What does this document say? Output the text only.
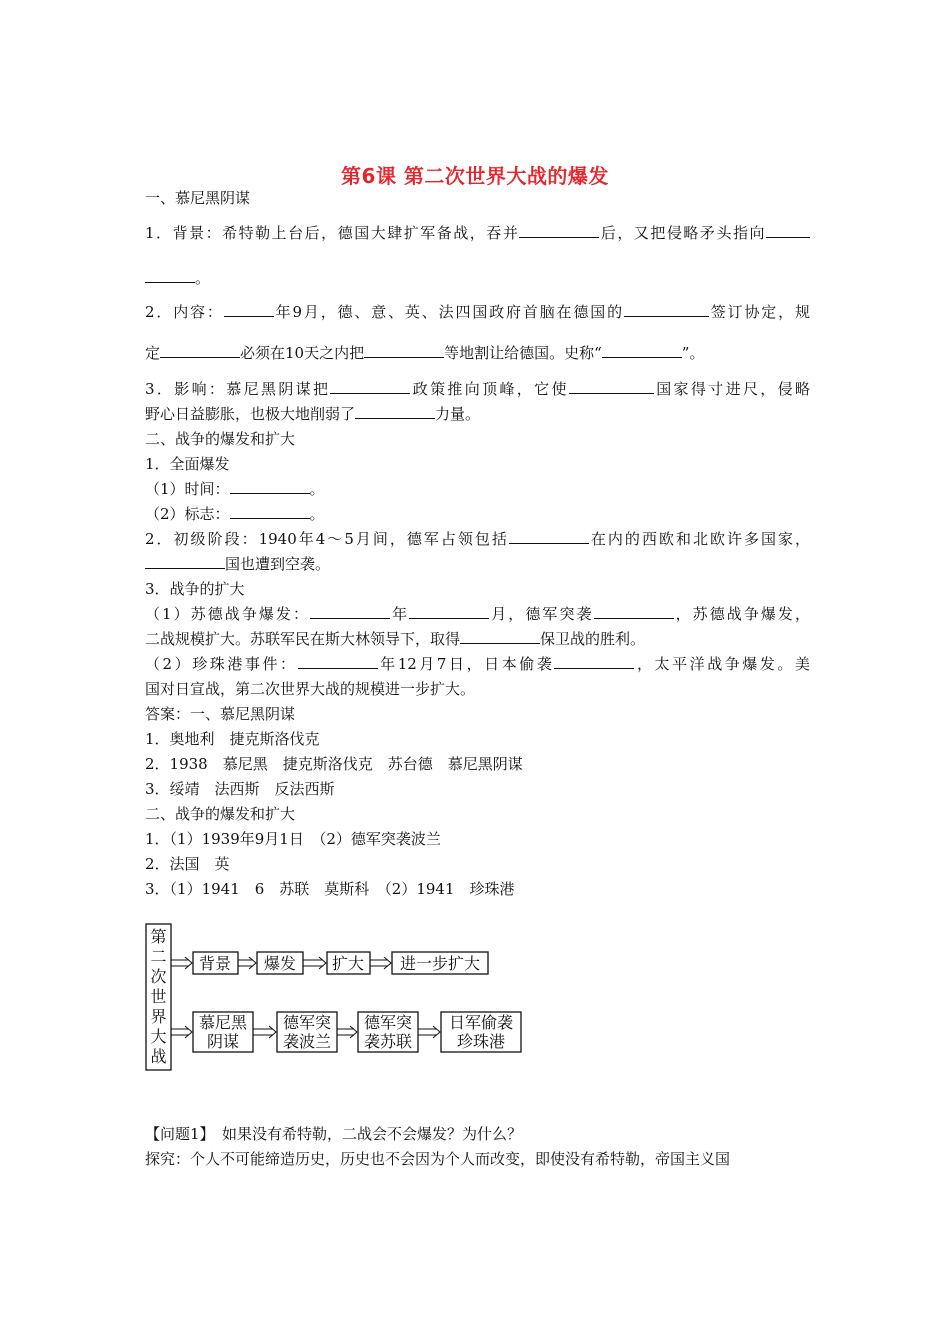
第6课 第二次世界大战的爆发
一、慕尼黑阴谋
1．背景：希特勒上台后，德国大肆扩军备战，吞并	后，又把侵略矛头指向
。
2．内容：	年9月，德、意、英、法四国政府首脑在德国的	签订协定，规
定	必须在10天之内把	等地割让给德国。史称“	”。
3．影响：慕尼黑阴谋把	政策推向顶峰，它使	国家得寸进尺，侵略
野心日益膨胀，也极大地削弱了	力量。
二、战争的爆发和扩大
1．全面爆发
（1）时间：	。
（2）标志：	。
2．初级阶段：1940年4～5月间，德军占领包括	在内的西欧和北欧许多国家，
国也遭到空袭。
3．战争的扩大
（1）苏德战争爆发：	年	月，德军突袭	，苏德战争爆发，
二战规模扩大。苏联军民在斯大林领导下，取得	保卫战的胜利。
（2）珍珠港事件：	年12月7日，日本偷袭	，太平洋战争爆发。美
国对日宣战，第二次世界大战的规模进一步扩大。
答案：一、慕尼黑阴谋
1．奥地利　捷克斯洛伐克
2．1938　慕尼黑　捷克斯洛伐克　苏台德　慕尼黑阴谋
3．绥靖　法西斯　反法西斯
二、战争的爆发和扩大
1．（1）1939年9月1日　（2）德军突袭波兰
2．法国　英
3．（1）1941　6　苏联　莫斯科　（2）1941　珍珠港
第
二
次
世
界
大
战
背景 爆发 扩大 进一步扩大
慕尼黑
阴谋
德军突
袭波兰
德军突
袭苏联
日军偷袭
珍珠港
【问题1】　如果没有希特勒，二战会不会爆发？为什么？
探究：个人不可能缔造历史，历史也不会因为个人而改变，即使没有希特勒，帝国主义国
